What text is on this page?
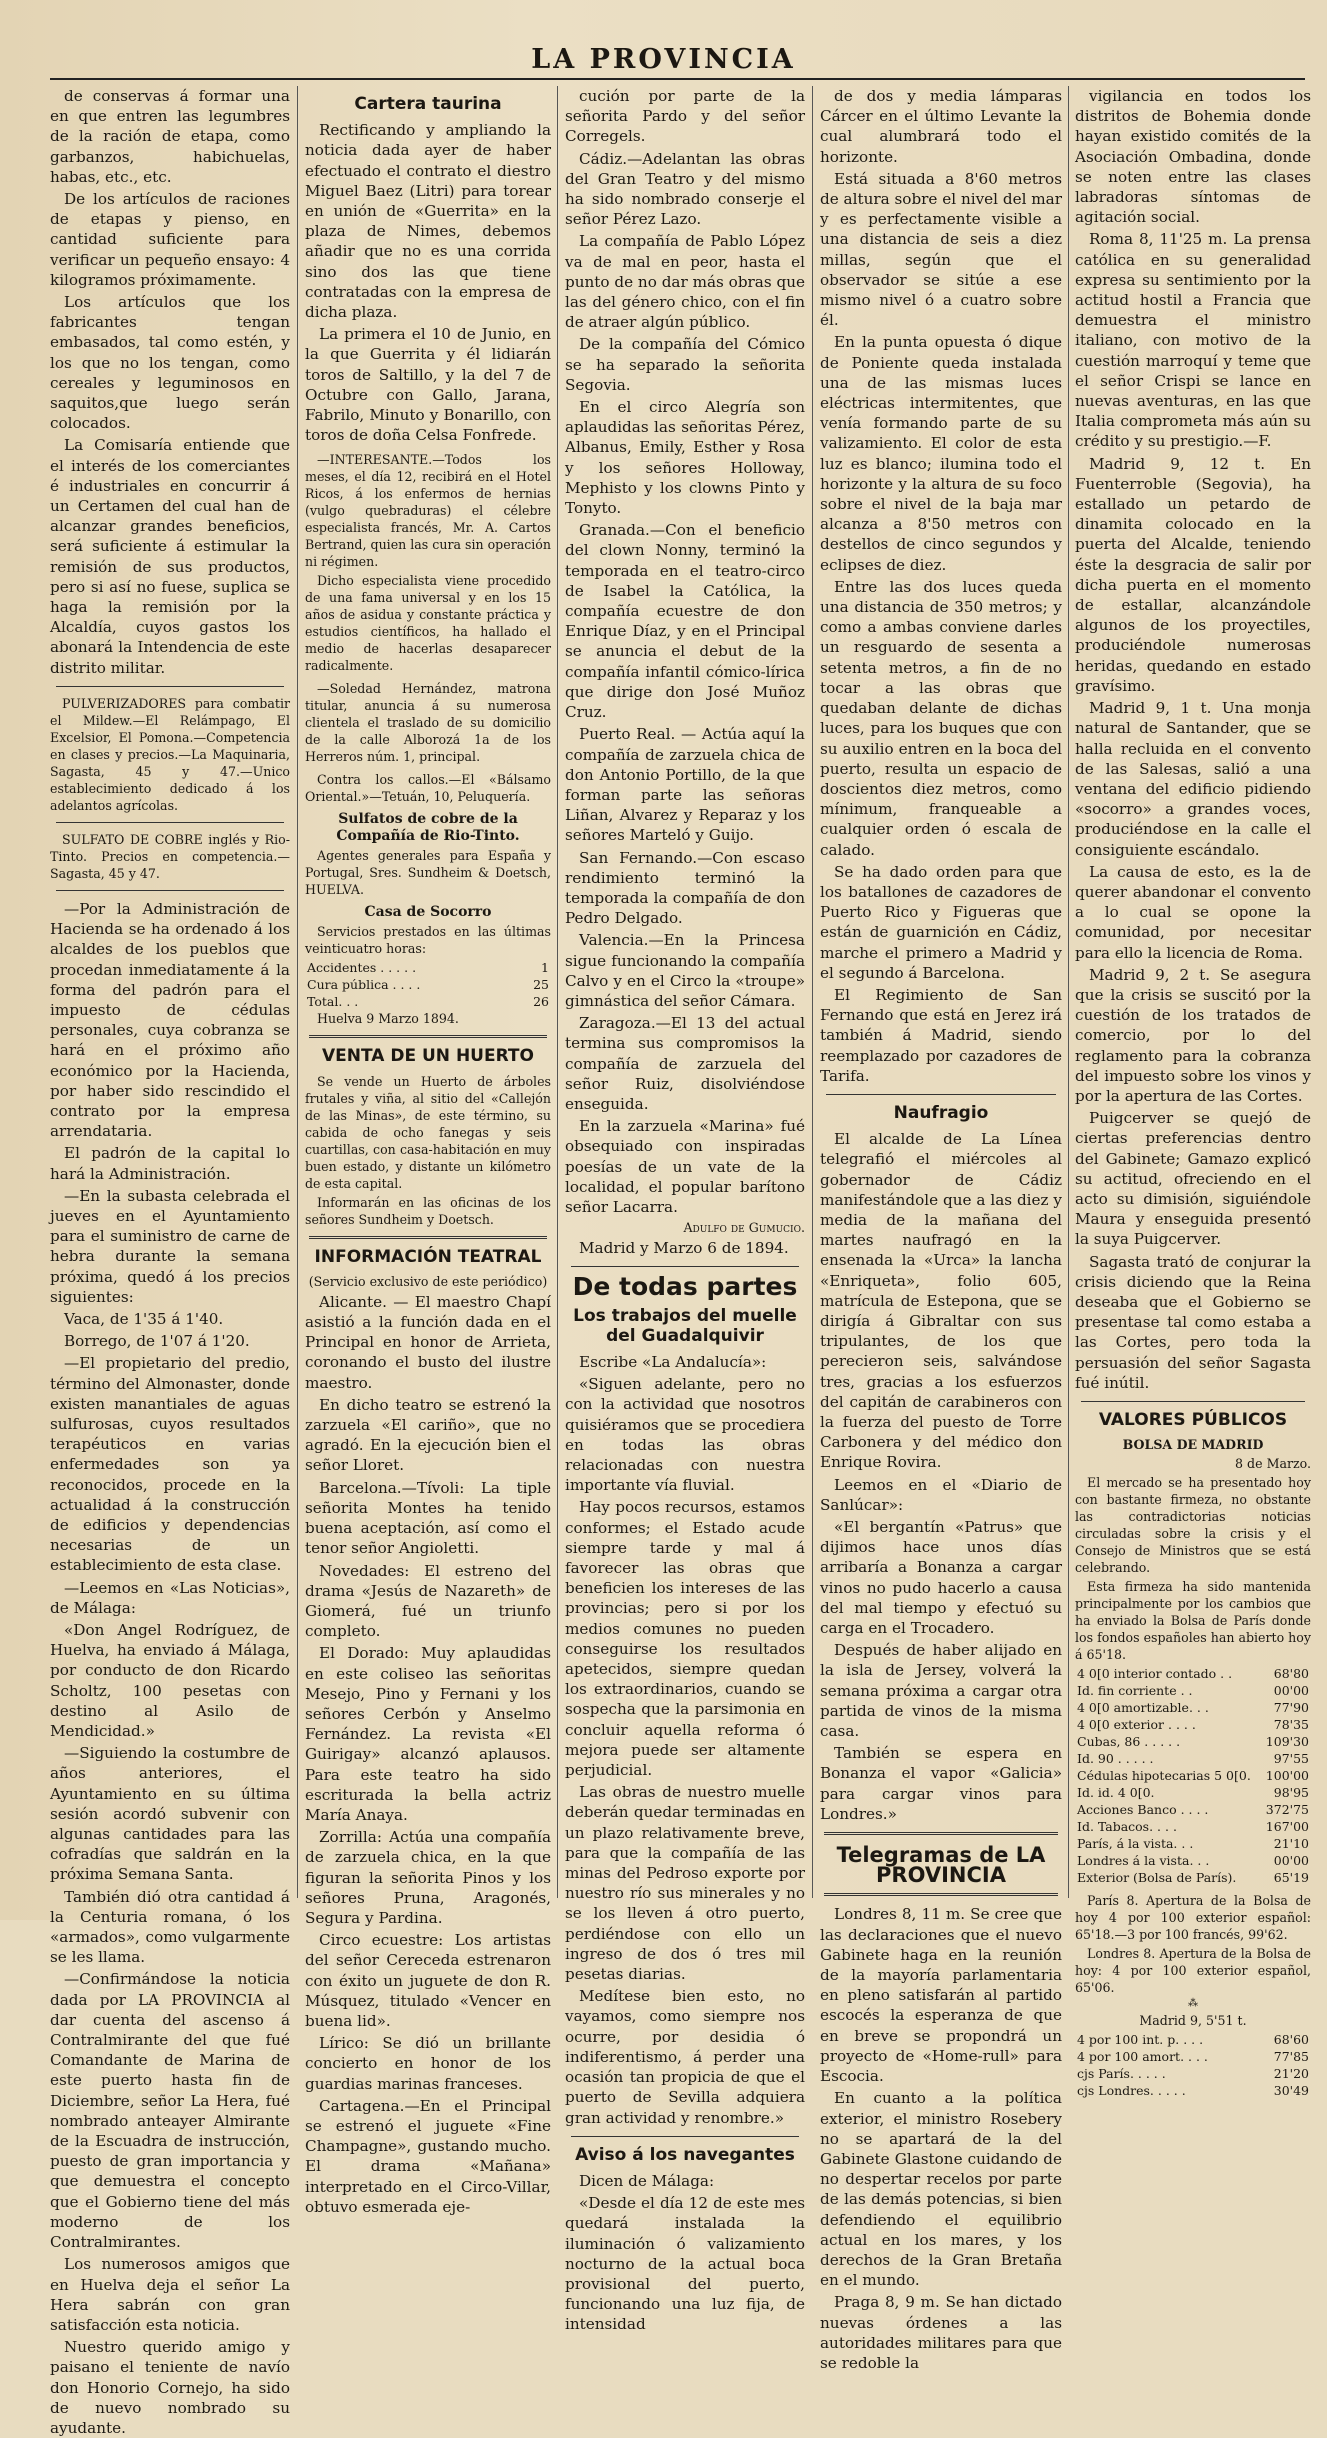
LA PROVINCIA

de conservas á formar una en que entren las legumbres de la ración de etapa, como garbanzos, habichuelas, habas, etc., etc.

De los artículos de raciones de etapas y pienso, en cantidad suficiente para verificar un pequeño ensayo: 4 kilogramos próximamente.

Los artículos que los fabricantes tengan embasados, tal como estén, y los que no los tengan, como cereales y leguminosos en saquitos,que luego serán colocados.

La Comisaría entiende que el interés de los comerciantes é industriales en concurrir á un Certamen del cual han de alcanzar grandes beneficios, será suficiente á estimular la remisión de sus productos, pero si así no fuese, suplica se haga la remisión por la Alcaldía, cuyos gastos los abonará la Intendencia de este distrito militar.

PULVERIZADORES para combatir el Mildew.—El Relámpago, El Excelsior, El Pomona.—Competencia en clases y precios.—La Maquinaria, Sagasta, 45 y 47.—Unico establecimiento dedicado á los adelantos agrícolas.

SULFATO DE COBRE inglés y Rio-Tinto. Precios en competencia.—Sagasta, 45 y 47.

—Por la Administración de Hacienda se ha ordenado á los alcaldes de los pueblos que procedan inmediatamente á la forma del padrón para el impuesto de cédulas personales, cuya cobranza se hará en el próximo año económico por la Hacienda, por haber sido rescindido el contrato por la empresa arrendataria.

El padrón de la capital lo hará la Administración.

—En la subasta celebrada el jueves en el Ayuntamiento para el suministro de carne de hebra durante la semana próxima, quedó á los precios siguientes:

Vaca, de 1'35 á 1'40.

Borrego, de 1'07 á 1'20.

—El propietario del predio, término del Almonaster, donde existen manantiales de aguas sulfurosas, cuyos resultados terapéuticos en varias enfermedades son ya reconocidos, procede en la actualidad á la construcción de edificios y dependencias necesarias de un establecimiento de esta clase.

—Leemos en «Las Noticias», de Málaga:

«Don Angel Rodríguez, de Huelva, ha enviado á Málaga, por conducto de don Ricardo Scholtz, 100 pesetas con destino al Asilo de Mendicidad.»

—Siguiendo la costumbre de años anteriores, el Ayuntamiento en su última sesión acordó subvenir con algunas cantidades para las cofradías que saldrán en la próxima Semana Santa.

También dió otra cantidad á la Centuria romana, ó los «armados», como vulgarmente se les llama.

—Confirmándose la noticia dada por LA PROVINCIA al dar cuenta del ascenso á Contralmirante del que fué Comandante de Marina de este puerto hasta fin de Diciembre, señor La Hera, fué nombrado anteayer Almirante de la Escuadra de instrucción, puesto de gran importancia y que demuestra el concepto que el Gobierno tiene del más moderno de los Contralmirantes.

Los numerosos amigos que en Huelva deja el señor La Hera sabrán con gran satisfacción esta noticia.

Nuestro querido amigo y paisano el teniente de navío don Honorio Cornejo, ha sido de nuevo nombrado su ayudante.

Cartera taurina

Rectificando y ampliando la noticia dada ayer de haber efectuado el contrato el diestro Miguel Baez (Litri) para torear en unión de «Guerrita» en la plaza de Nimes, debemos añadir que no es una corrida sino dos las que tiene contratadas con la empresa de dicha plaza.

La primera el 10 de Junio, en la que Guerrita y él lidiarán toros de Saltillo, y la del 7 de Octubre con Gallo, Jarana, Fabrilo, Minuto y Bonarillo, con toros de doña Celsa Fonfrede.

—INTERESANTE.—Todos los meses, el día 12, recibirá en el Hotel Ricos, á los enfermos de hernias (vulgo quebraduras) el célebre especialista francés, Mr. A. Cartos Bertrand, quien las cura sin operación ni régimen.

Dicho especialista viene procedido de una fama universal y en los 15 años de asidua y constante práctica y estudios científicos, ha hallado el medio de hacerlas desaparecer radicalmente.

—Soledad Hernández, matrona titular, anuncia á su numerosa clientela el traslado de su domicilio de la calle Alborozá 1a de los Herreros núm. 1, principal.

Contra los callos.—El «Bálsamo Oriental.»—Tetuán, 10, Peluquería.

Sulfatos de cobre de la Compañía de Rio-Tinto.

Agentes generales para España y Portugal, Sres. Sundheim & Doetsch, HUELVA.

Casa de Socorro

Servicios prestados en las últimas veinticuatro horas:

Accidentes . . . . .	1
Cura pública . . . .	25
Total. . .	26

Huelva 9 Marzo 1894.

VENTA DE UN HUERTO

Se vende un Huerto de árboles frutales y viña, al sitio del «Callejón de las Minas», de este término, su cabida de ocho fanegas y seis cuartillas, con casa-habitación en muy buen estado, y distante un kilómetro de esta capital.

Informarán en las oficinas de los señores Sundheim y Doetsch.

INFORMACIÓN TEATRAL

(Servicio exclusivo de este periódico)

Alicante. — El maestro Chapí asistió a la función dada en el Principal en honor de Arrieta, coronando el busto del ilustre maestro.

En dicho teatro se estrenó la zarzuela «El cariño», que no agradó. En la ejecución bien el señor Lloret.

Barcelona.—Tívoli: La tiple señorita Montes ha tenido buena aceptación, así como el tenor señor Angioletti.

Novedades: El estreno del drama «Jesús de Nazareth» de Giomerá, fué un triunfo completo.

El Dorado: Muy aplaudidas en este coliseo las señoritas Mesejo, Pino y Fernani y los señores Cerbón y Anselmo Fernández. La revista «El Guirigay» alcanzó aplausos. Para este teatro ha sido escriturada la bella actriz María Anaya.

Zorrilla: Actúa una compañía de zarzuela chica, en la que figuran la señorita Pinos y los señores Pruna, Aragonés, Segura y Pardina.

Circo ecuestre: Los artistas del señor Cereceda estrenaron con éxito un juguete de don R. Músquez, titulado «Vencer en buena lid».

Lírico: Se dió un brillante concierto en honor de los guardias marinas franceses.

Cartagena.—En el Principal se estrenó el juguete «Fine Champagne», gustando mucho. El drama «Mañana» interpretado en el Circo-Villar, obtuvo esmerada eje-

cución por parte de la señorita Pardo y del señor Corregels.

Cádiz.—Adelantan las obras del Gran Teatro y del mismo ha sido nombrado conserje el señor Pérez Lazo.

La compañía de Pablo López va de mal en peor, hasta el punto de no dar más obras que las del género chico, con el fin de atraer algún público.

De la compañía del Cómico se ha separado la señorita Segovia.

En el circo Alegría son aplaudidas las señoritas Pérez, Albanus, Emily, Esther y Rosa y los señores Holloway, Mephisto y los clowns Pinto y Tonyto.

Granada.—Con el beneficio del clown Nonny, terminó la temporada en el teatro-circo de Isabel la Católica, la compañía ecuestre de don Enrique Díaz, y en el Principal se anuncia el debut de la compañía infantil cómico-lírica que dirige don José Muñoz Cruz.

Puerto Real. — Actúa aquí la compañía de zarzuela chica de don Antonio Portillo, de la que forman parte las señoras Liñan, Alvarez y Reparaz y los señores Marteló y Guijo.

San Fernando.—Con escaso rendimiento terminó la temporada la compañía de don Pedro Delgado.

Valencia.—En la Princesa sigue funcionando la compañía Calvo y en el Circo la «troupe» gimnástica del señor Cámara.

Zaragoza.—El 13 del actual termina sus compromisos la compañía de zarzuela del señor Ruiz, disolviéndose enseguida.

En la zarzuela «Marina» fué obsequiado con inspiradas poesías de un vate de la localidad, el popular barítono señor Lacarra.

Adulfo de Gumucio.

Madrid y Marzo 6 de 1894.

De todas partes
Los trabajos del muelle del Guadalquivir

Escribe «La Andalucía»:

«Siguen adelante, pero no con la actividad que nosotros quisiéramos que se procediera en todas las obras relacionadas con nuestra importante vía fluvial.

Hay pocos recursos, estamos conformes; el Estado acude siempre tarde y mal á favorecer las obras que beneficien los intereses de las provincias; pero si por los medios comunes no pueden conseguirse los resultados apetecidos, siempre quedan los extraordinarios, cuando se sospecha que la parsimonia en concluir aquella reforma ó mejora puede ser altamente perjudicial.

Las obras de nuestro muelle deberán quedar terminadas en un plazo relativamente breve, para que la compañía de las minas del Pedroso exporte por nuestro río sus minerales y no se los lleven á otro puerto, perdiéndose con ello un ingreso de dos ó tres mil pesetas diarias.

Medítese bien esto, no vayamos, como siempre nos ocurre, por desidia ó indiferentismo, á perder una ocasión tan propicia de que el puerto de Sevilla adquiera gran actividad y renombre.»

Aviso á los navegantes

Dicen de Málaga:

«Desde el día 12 de este mes quedará instalada la iluminación ó valizamiento nocturno de la actual boca provisional del puerto, funcionando una luz fija, de intensidad

de dos y media lámparas Cárcer en el último Levante la cual alumbrará todo el horizonte.

Está situada a 8'60 metros de altura sobre el nivel del mar y es perfectamente visible a una distancia de seis a diez millas, según que el observador se sitúe a ese mismo nivel ó a cuatro sobre él.

En la punta opuesta ó dique de Poniente queda instalada una de las mismas luces eléctricas intermitentes, que venía formando parte de su valizamiento. El color de esta luz es blanco; ilumina todo el horizonte y la altura de su foco sobre el nivel de la baja mar alcanza a 8'50 metros con destellos de cinco segundos y eclipses de diez.

Entre las dos luces queda una distancia de 350 metros; y como a ambas conviene darles un resguardo de sesenta a setenta metros, a fin de no tocar a las obras que quedaban delante de dichas luces, para los buques que con su auxilio entren en la boca del puerto, resulta un espacio de doscientos diez metros, como mínimum, franqueable a cualquier orden ó escala de calado.

Se ha dado orden para que los batallones de cazadores de Puerto Rico y Figueras que están de guarnición en Cádiz, marche el primero a Madrid y el segundo á Barcelona.

El Regimiento de San Fernando que está en Jerez irá también á Madrid, siendo reemplazado por cazadores de Tarifa.

Naufragio

El alcalde de La Línea telegrafió el miércoles al gobernador de Cádiz manifestándole que a las diez y media de la mañana del martes naufragó en la ensenada la «Urca» la lancha «Enriqueta», folio 605, matrícula de Estepona, que se dirigía á Gibraltar con sus tripulantes, de los que perecieron seis, salvándose tres, gracias a los esfuerzos del capitán de carabineros con la fuerza del puesto de Torre Carbonera y del médico don Enrique Rovira.

Leemos en el «Diario de Sanlúcar»:

«El bergantín «Patrus» que dijimos hace unos días arribaría a Bonanza a cargar vinos no pudo hacerlo a causa del mal tiempo y efectuó su carga en el Trocadero.

Después de haber alijado en la isla de Jersey, volverá la semana próxima a cargar otra partida de vinos de la misma casa.

También se espera en Bonanza el vapor «Galicia» para cargar vinos para Londres.»

Telegramas de LA PROVINCIA

Londres 8, 11 m. Se cree que las declaraciones que el nuevo Gabinete haga en la reunión de la mayoría parlamentaria en pleno satisfarán al partido escocés la esperanza de que en breve se propondrá un proyecto de «Home-rull» para Escocia.

En cuanto a la política exterior, el ministro Rosebery no se apartará de la del Gabinete Glastone cuidando de no despertar recelos por parte de las demás potencias, si bien defendiendo el equilibrio actual en los mares, y los derechos de la Gran Bretaña en el mundo.

Praga 8, 9 m. Se han dictado nuevas órdenes a las autoridades militares para que se redoble la

vigilancia en todos los distritos de Bohemia donde hayan existido comités de la Asociación Ombadina, donde se noten entre las clases labradoras síntomas de agitación social.

Roma 8, 11'25 m. La prensa católica en su generalidad expresa su sentimiento por la actitud hostil a Francia que demuestra el ministro italiano, con motivo de la cuestión marroquí y teme que el señor Crispi se lance en nuevas aventuras, en las que Italia comprometa más aún su crédito y su prestigio.—F.

Madrid 9, 12 t. En Fuenterroble (Segovia), ha estallado un petardo de dinamita colocado en la puerta del Alcalde, teniendo éste la desgracia de salir por dicha puerta en el momento de estallar, alcanzándole algunos de los proyectiles, produciéndole numerosas heridas, quedando en estado gravísimo.

Madrid 9, 1 t. Una monja natural de Santander, que se halla recluida en el convento de las Salesas, salió a una ventana del edificio pidiendo «socorro» a grandes voces, produciéndose en la calle el consiguiente escándalo.

La causa de esto, es la de querer abandonar el convento a lo cual se opone la comunidad, por necesitar para ello la licencia de Roma.

Madrid 9, 2 t. Se asegura que la crisis se suscitó por la cuestión de los tratados de comercio, por lo del reglamento para la cobranza del impuesto sobre los vinos y por la apertura de las Cortes.

Puigcerver se quejó de ciertas preferencias dentro del Gabinete; Gamazo explicó su actitud, ofreciendo en el acto su dimisión, siguiéndole Maura y enseguida presentó la suya Puigcerver.

Sagasta trató de conjurar la crisis diciendo que la Reina deseaba que el Gobierno se presentase tal como estaba a las Cortes, pero toda la persuasión del señor Sagasta fué inútil.

VALORES PÚBLICOS

BOLSA DE MADRID

8 de Marzo.

El mercado se ha presentado hoy con bastante firmeza, no obstante las contradictorias noticias circuladas sobre la crisis y el Consejo de Ministros que se está celebrando.

Esta firmeza ha sido mantenida principalmente por los cambios que ha enviado la Bolsa de París donde los fondos españoles han abierto hoy á 65'18.

4 0[0 interior contado . .	68'80
Id. fin corriente . .	00'00
4 0[0 amortizable. . .	77'90
4 0[0 exterior . . . .	78'35
Cubas, 86 . . . . .	109'30
Id. 90 . . . . .	97'55
Cédulas hipotecarias 5 0[0.	100'00
Id. id. 4 0[0.	98'95
Acciones Banco . . . .	372'75
Id. Tabacos. . . .	167'00
París, á la vista. . .	21'10
Londres á la vista. . .	00'00
Exterior (Bolsa de París).	65'19

París 8. Apertura de la Bolsa de hoy 4 por 100 exterior español: 65'18.—3 por 100 francés, 99'62.

Londres 8. Apertura de la Bolsa de hoy: 4 por 100 exterior español, 65'06.

⁂

Madrid 9, 5'51 t.

4 por 100 int. p. . . .	68'60
4 por 100 amort. . . .	77'85
cjs París. . . . .	21'20
cjs Londres. . . . .	30'49
